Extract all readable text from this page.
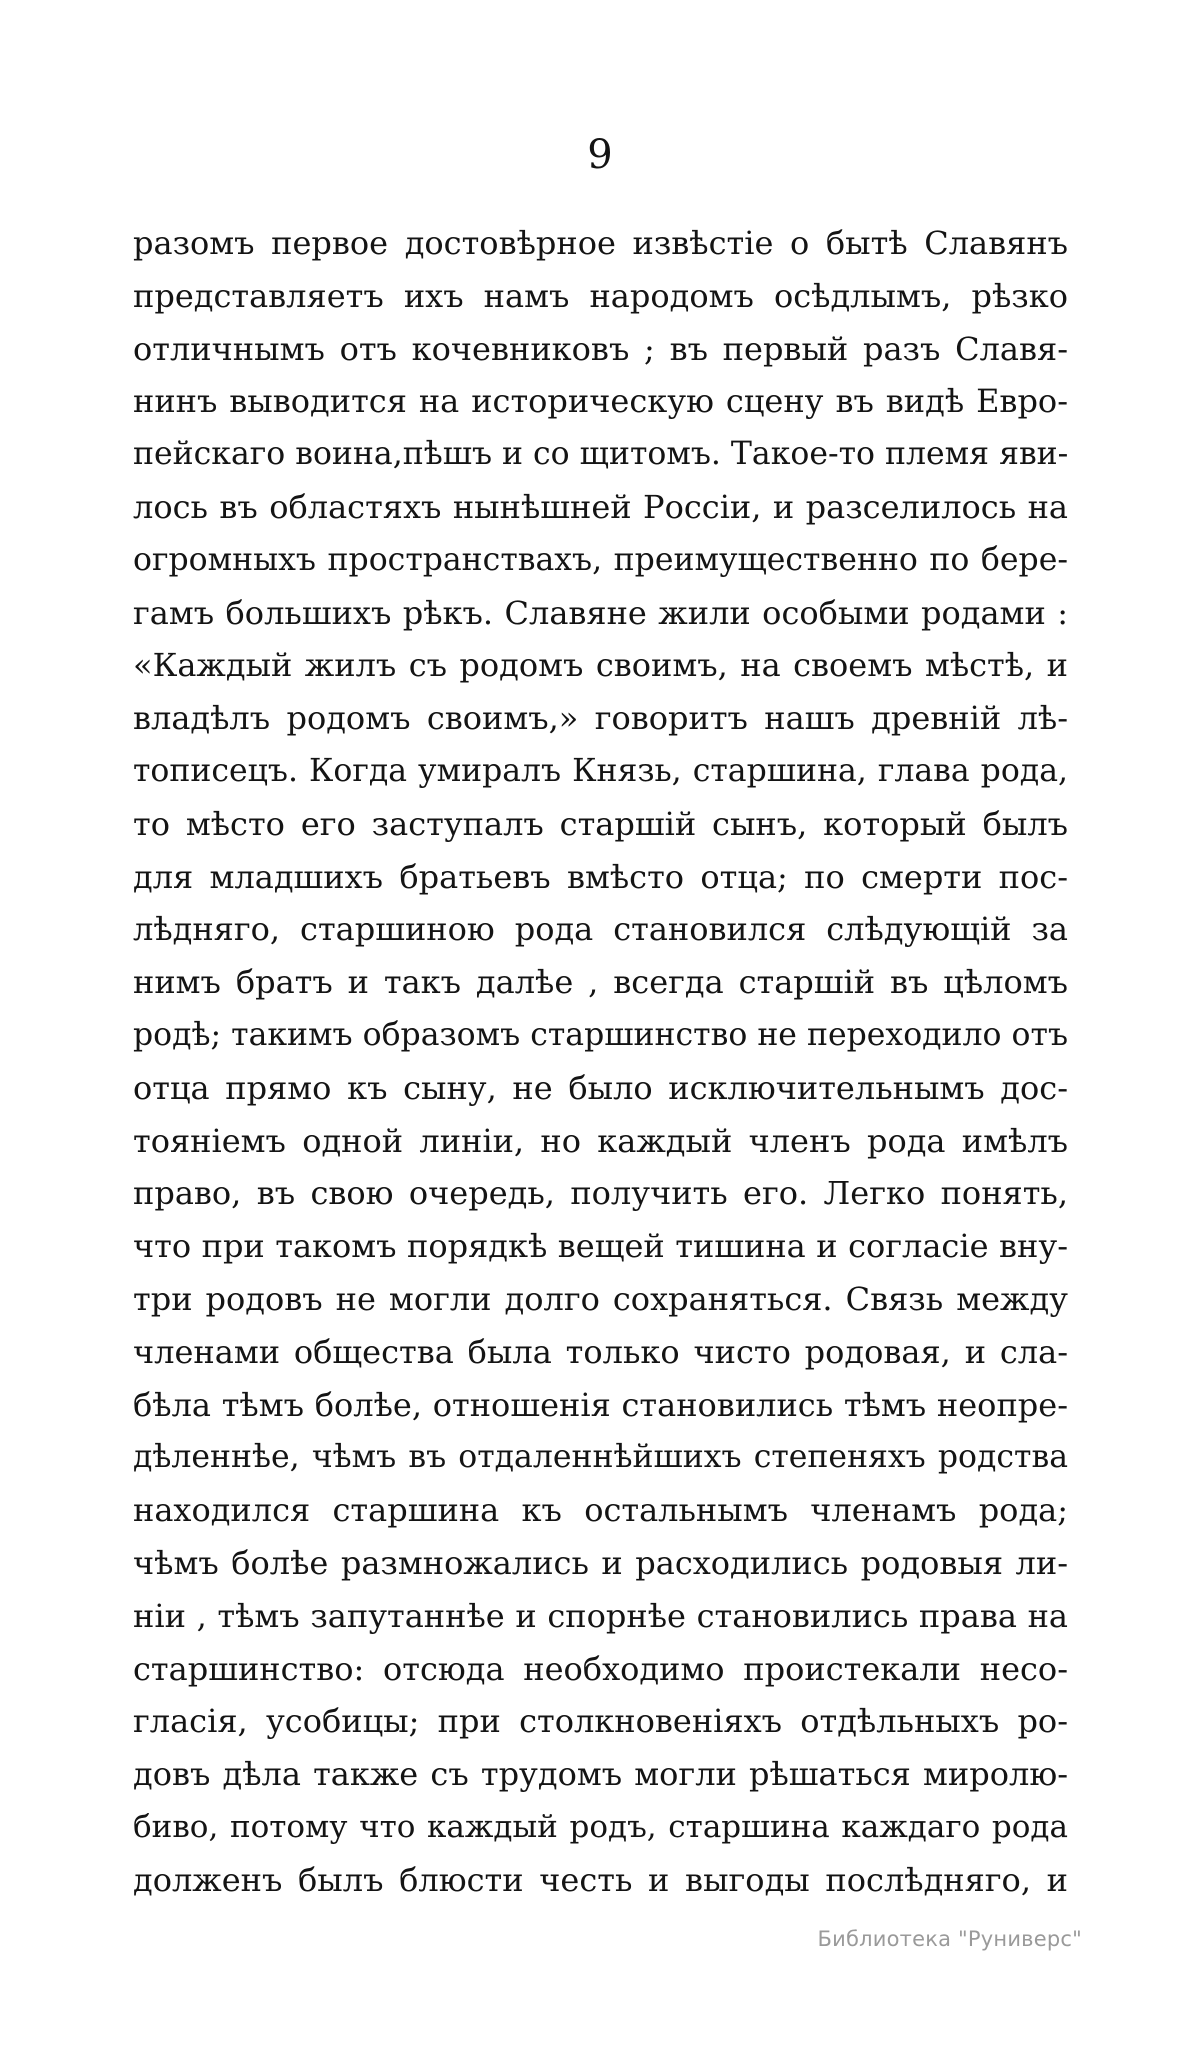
9
разомъ первое достовѣрное извѣстіе о бытѣ Славянъ
представляетъ ихъ намъ народомъ осѣдлымъ, рѣзко
отличнымъ отъ кочевниковъ ; въ первый разъ Славя-
нинъ выводится на историческую сцену въ видѣ Евро-
пейскаго воина,пѣшъ и со щитомъ. Такое-то племя яви-
лось въ областяхъ нынѣшней Россіи, и разселилось на
огромныхъ пространствахъ, преимущественно по бере-
гамъ большихъ рѣкъ. Славяне жили особыми родами :
«Каждый жилъ съ родомъ своимъ, на своемъ мѣстѣ, и
владѣлъ родомъ своимъ,» говоритъ нашъ древній лѣ-
тописецъ. Когда умиралъ Князь, старшина, глава рода,
то мѣсто его заступалъ старшій сынъ, который былъ
для младшихъ братьевъ вмѣсто отца; по смерти пос-
лѣдняго, старшиною рода становился слѣдующій за
нимъ братъ и такъ далѣе , всегда старшій въ цѣломъ
родѣ; такимъ образомъ старшинство не переходило отъ
отца прямо къ сыну, не было исключительнымъ дос-
тояніемъ одной линіи, но каждый членъ рода имѣлъ
право, въ свою очередь, получить его. Легко понять,
что при такомъ порядкѣ вещей тишина и согласіе вну-
три родовъ не могли долго сохраняться. Связь между
членами общества была только чисто родовая, и сла-
бѣла тѣмъ болѣе, отношенія становились тѣмъ неопре-
дѣленнѣе, чѣмъ въ отдаленнѣйшихъ степеняхъ родства
находился старшина къ остальнымъ членамъ рода;
чѣмъ болѣе размножались и расходились родовыя ли-
ніи , тѣмъ запутаннѣе и спорнѣе становились права на
старшинство: отсюда необходимо проистекали несо-
гласія, усобицы; при столкновеніяхъ отдѣльныхъ ро-
довъ дѣла также съ трудомъ могли рѣшаться миролю-
биво, потому что каждый родъ, старшина каждаго рода
долженъ былъ блюсти честь и выгоды послѣдняго, и
Библиотека "Руниверс"
